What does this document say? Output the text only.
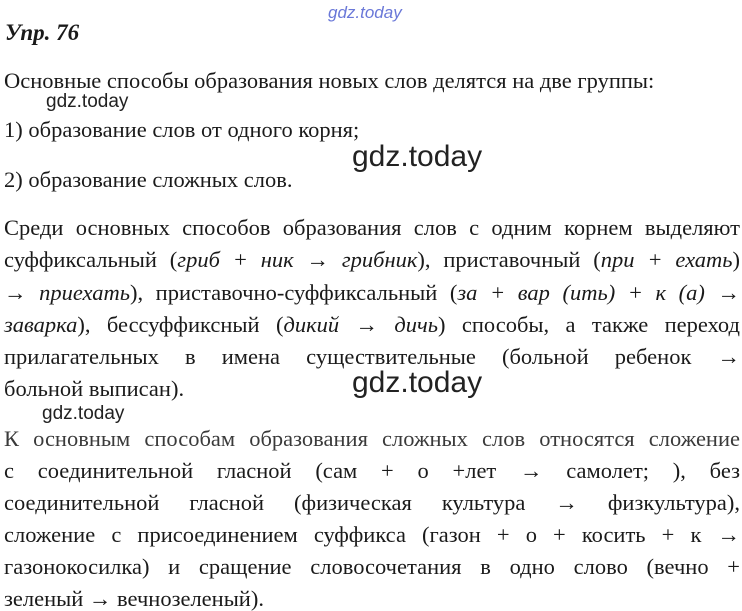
gdz.today
Упр. 76
Основные способы образования новых слов делятся на две группы:
gdz.today
1) образование слов от одного корня;
gdz.today
2) образование сложных слов.
Среди основных способов образования слов с одним корнем выделяют
суффиксальный (гриб + ник → грибник), приставочный (при + ехать)
→ приехать), приставочно-суффиксальный (за + вар (ить) + к (а) →
заварка), бессуффиксный (дикий → дичь) способы, а также переход
прилагательных в имена существительные (больной ребенок →
больной выписан).	gdz.today
gdz.today
К основным способам образования сложных слов относятся сложение
с соединительной гласной (сам + о +лет → самолет; ), без
соединительной гласной (физическая культура → физкультура),
сложение с присоединением суффикса (газон + о + косить + к →
газонокосилка) и сращение словосочетания в одно слово (вечно +
зеленый → вечнозеленый).
